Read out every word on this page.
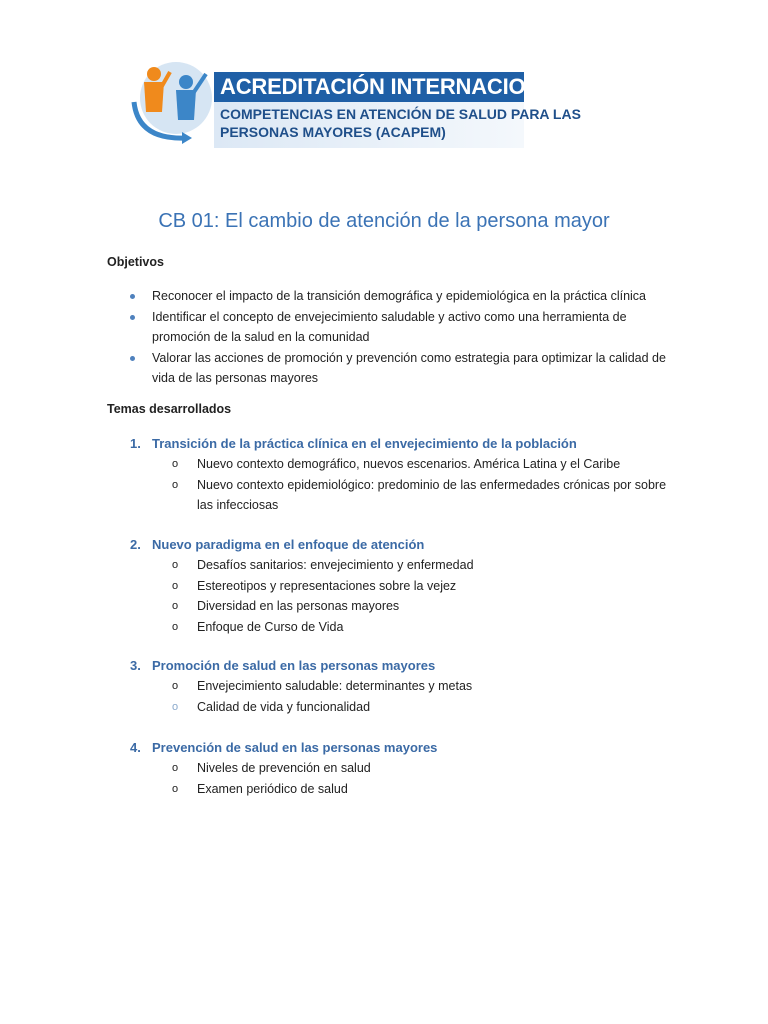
ACREDITACIÓN INTERNACIONAL DE
COMPETENCIAS EN ATENCIÓN DE SALUD PARA LAS
PERSONAS MAYORES (ACAPEM)
CB 01: El cambio de atención de la persona mayor
Objetivos
Reconocer el impacto de la transición demográfica y epidemiológica en la práctica clínica
Identificar el concepto de envejecimiento saludable y activo como una herramienta de promoción de la salud en la comunidad
Valorar las acciones de promoción y prevención como estrategia para optimizar la calidad de vida de las personas mayores
Temas desarrollados
1. Transición de la práctica clínica en el envejecimiento de la población
o Nuevo contexto demográfico, nuevos escenarios. América Latina y el Caribe
o Nuevo contexto epidemiológico: predominio de las enfermedades crónicas por sobre las infecciosas
2. Nuevo paradigma en el enfoque de atención
o Desafíos sanitarios: envejecimiento y enfermedad
o Estereotipos y representaciones sobre la vejez
o Diversidad en las personas mayores
o Enfoque de Curso de Vida
3. Promoción de salud en las personas mayores
o Envejecimiento saludable: determinantes y metas
o Calidad de vida y funcionalidad
4. Prevención de salud en las personas mayores
o Niveles de prevención en salud
o Examen periódico de salud
